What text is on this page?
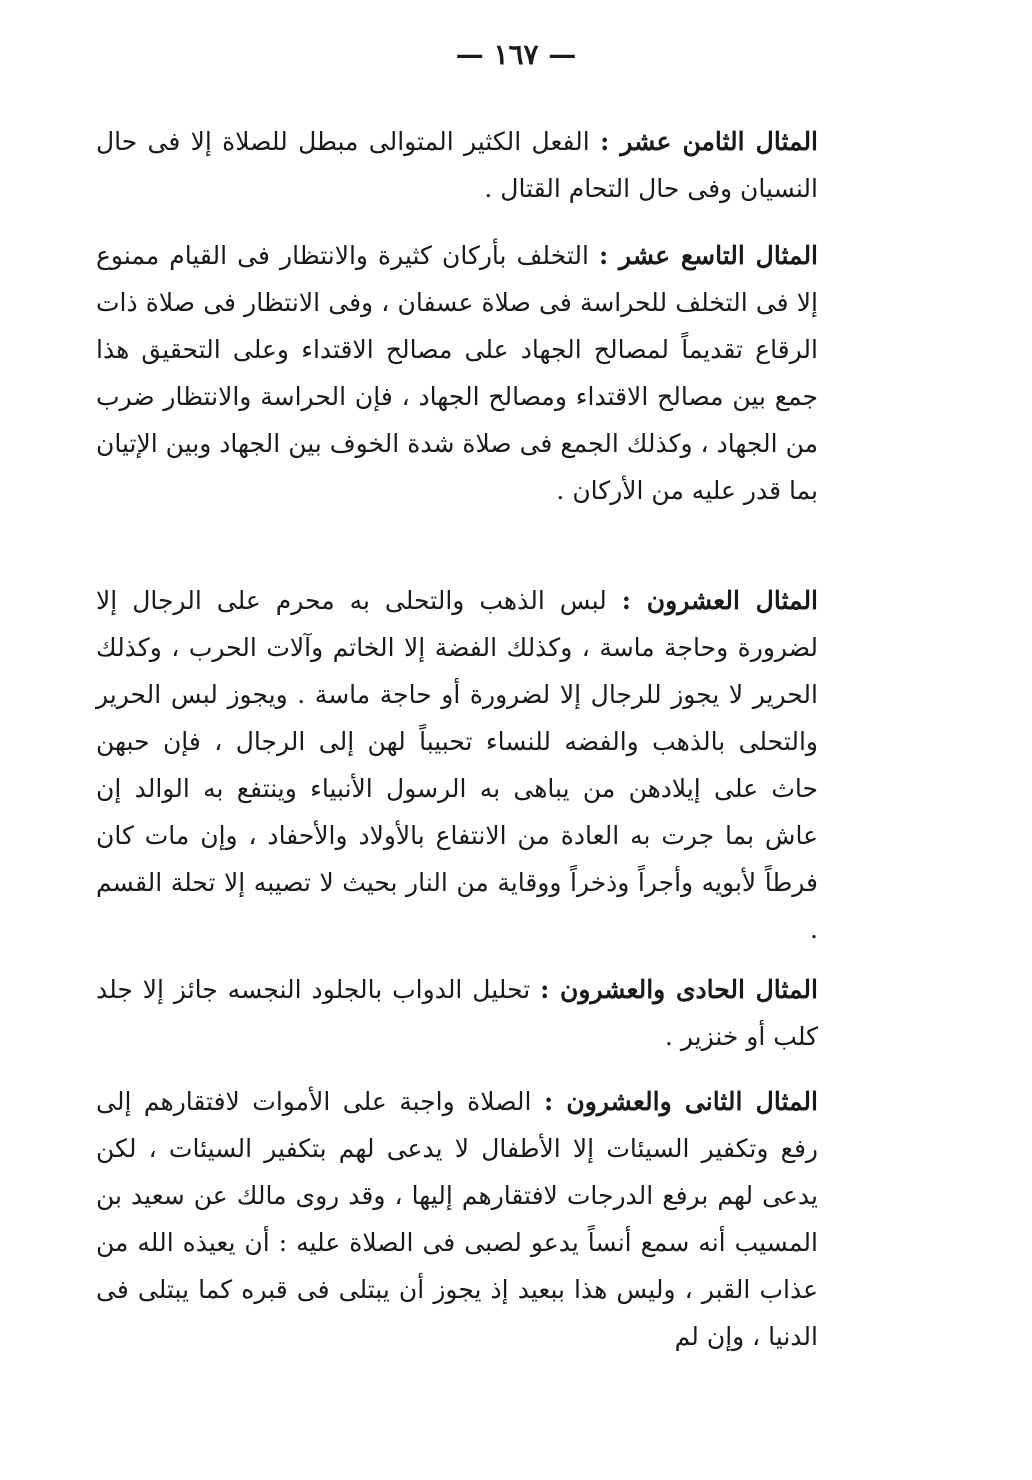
— ١٦٧ —

المثال الثامن عشر : الفعل الكثير المتوالى مبطل للصلاة إلا فى حال النسيان وفى حال التحام القتال .

المثال التاسع عشر : التخلف بأركان كثيرة والانتظار فى القيام ممنوع إلا فى التخلف للحراسة فى صلاة عسفان ، وفى الانتظار فى صلاة ذات الرقاع تقديماً لمصالح الجهاد على مصالح الاقتداء وعلى التحقيق هذا جمع بين مصالح الاقتداء ومصالح الجهاد ، فإن الحراسة والانتظار ضرب من الجهاد ، وكذلك الجمع فى صلاة شدة الخوف بين الجهاد وبين الإتيان بما قدر عليه من الأركان .

المثال العشرون : لبس الذهب والتحلى به محرم على الرجال إلا لضرورة وحاجة ماسة ، وكذلك الفضة إلا الخاتم وآلات الحرب ، وكذلك الحرير لا يجوز للرجال إلا لضرورة أو حاجة ماسة . ويجوز لبس الحرير والتحلى بالذهب والفضه للنساء تحبيباً لهن إلى الرجال ، فإن حبهن حاث على إيلادهن من يباهى به الرسول الأنبياء وينتفع به الوالد إن عاش بما جرت به العادة من الانتفاع بالأولاد والأحفاد ، وإن مات كان فرطاً لأبويه وأجراً وذخراً ووقاية من النار بحيث لا تصيبه إلا تحلة القسم .

المثال الحادى والعشرون : تحليل الدواب بالجلود النجسه جائز إلا جلد كلب أو خنزير .

المثال الثانى والعشرون : الصلاة واجبة على الأموات لافتقارهم إلى رفع وتكفير السيئات إلا الأطفال لا يدعى لهم بتكفير السيئات ، لكن يدعى لهم برفع الدرجات لافتقارهم إليها ، وقد روى مالك عن سعيد بن المسيب أنه سمع أنساً يدعو لصبى فى الصلاة عليه : أن يعيذه الله من عذاب القبر ، وليس هذا ببعيد إذ يجوز أن يبتلى فى قبره كما يبتلى فى الدنيا ، وإن لم
